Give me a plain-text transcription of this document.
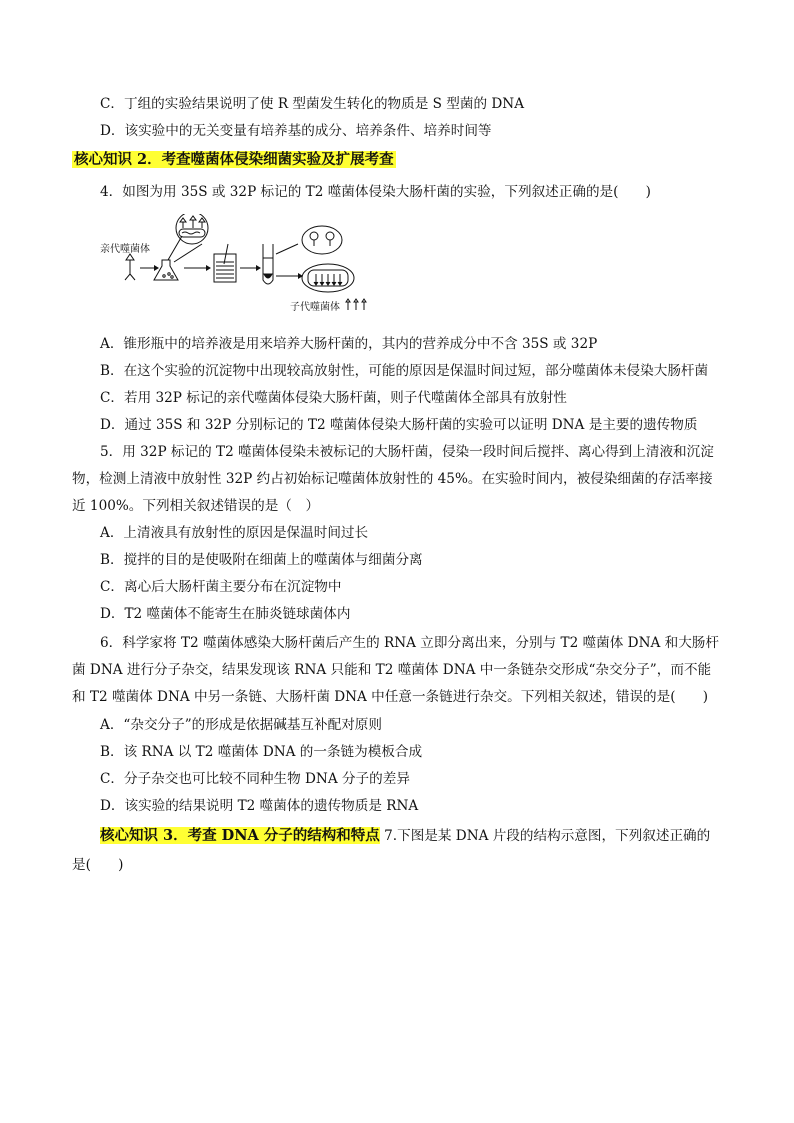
C．丁组的实验结果说明了使 R 型菌发生转化的物质是 S 型菌的 DNA
D．该实验中的无关变量有培养基的成分、培养条件、培养时间等
核心知识 2．考查噬菌体侵染细菌实验及扩展考查
4．如图为用 35S 或 32P 标记的 T2 噬菌体侵染大肠杆菌的实验，下列叙述正确的是(　　)
亲代噬菌体
子代噬菌体
A．锥形瓶中的培养液是用来培养大肠杆菌的，其内的营养成分中不含 35S 或 32P
B．在这个实验的沉淀物中出现较高放射性，可能的原因是保温时间过短，部分噬菌体未侵染大肠杆菌
C．若用 32P 标记的亲代噬菌体侵染大肠杆菌，则子代噬菌体全部具有放射性
D．通过 35S 和 32P 分别标记的 T2 噬菌体侵染大肠杆菌的实验可以证明 DNA 是主要的遗传物质
5．用 32P 标记的 T2 噬菌体侵染未被标记的大肠杆菌，侵染一段时间后搅拌、离心得到上清液和沉淀
物，检测上清液中放射性 32P 约占初始标记噬菌体放射性的 45%。在实验时间内，被侵染细菌的存活率接
近 100%。下列相关叙述错误的是（　）
A．上清液具有放射性的原因是保温时间过长
B．搅拌的目的是使吸附在细菌上的噬菌体与细菌分离
C．离心后大肠杆菌主要分布在沉淀物中
D．T2 噬菌体不能寄生在肺炎链球菌体内
6．科学家将 T2 噬菌体感染大肠杆菌后产生的 RNA 立即分离出来，分别与 T2 噬菌体 DNA 和大肠杆
菌 DNA 进行分子杂交，结果发现该 RNA 只能和 T2 噬菌体 DNA 中一条链杂交形成“杂交分子”，而不能
和 T2 噬菌体 DNA 中另一条链、大肠杆菌 DNA 中任意一条链进行杂交。下列相关叙述，错误的是(　　)
A．“杂交分子”的形成是依据碱基互补配对原则
B．该 RNA 以 T2 噬菌体 DNA 的一条链为模板合成
C．分子杂交也可比较不同种生物 DNA 分子的差异
D．该实验的结果说明 T2 噬菌体的遗传物质是 RNA
核心知识 3．考查 DNA 分子的结构和特点 7.下图是某 DNA 片段的结构示意图，下列叙述正确的
是(　　)
